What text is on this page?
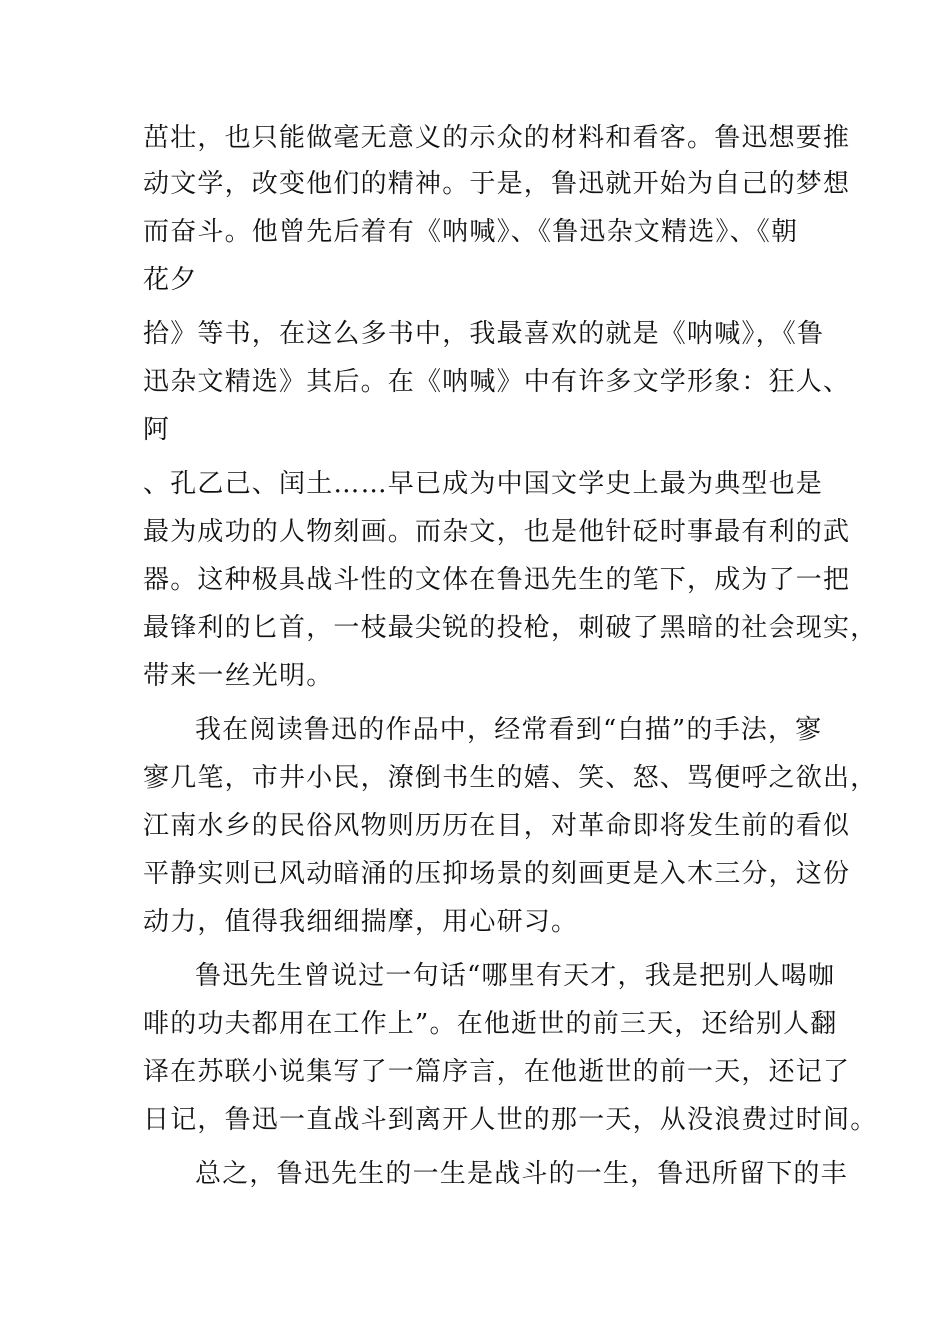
茁壮，也只能做毫无意义的示众的材料和看客。鲁迅想要推
动文学，改变他们的精神。于是，鲁迅就开始为自己的梦想
而奋斗。他曾先后着有《呐喊》、《鲁迅杂文精选》、《朝
花夕
拾》等书，在这么多书中，我最喜欢的就是《呐喊》，《鲁
迅杂文精选》其后。在《呐喊》中有许多文学形象：狂人、
阿
、孔乙己、闰土……早已成为中国文学史上最为典型也是
最为成功的人物刻画。而杂文，也是他针砭时事最有利的武
器。这种极具战斗性的文体在鲁迅先生的笔下，成为了一把
最锋利的匕首，一枝最尖锐的投枪，刺破了黑暗的社会现实，
带来一丝光明。
我在阅读鲁迅的作品中，经常看到“白描”的手法，寥
寥几笔，市井小民，潦倒书生的嬉、笑、怒、骂便呼之欲出，
江南水乡的民俗风物则历历在目，对革命即将发生前的看似
平静实则已风动暗涌的压抑场景的刻画更是入木三分，这份
动力，值得我细细揣摩，用心研习。
鲁迅先生曾说过一句话“哪里有天才，我是把别人喝咖
啡的功夫都用在工作上”。在他逝世的前三天，还给别人翻
译在苏联小说集写了一篇序言，在他逝世的前一天，还记了
日记，鲁迅一直战斗到离开人世的那一天，从没浪费过时间。
总之，鲁迅先生的一生是战斗的一生，鲁迅所留下的丰
